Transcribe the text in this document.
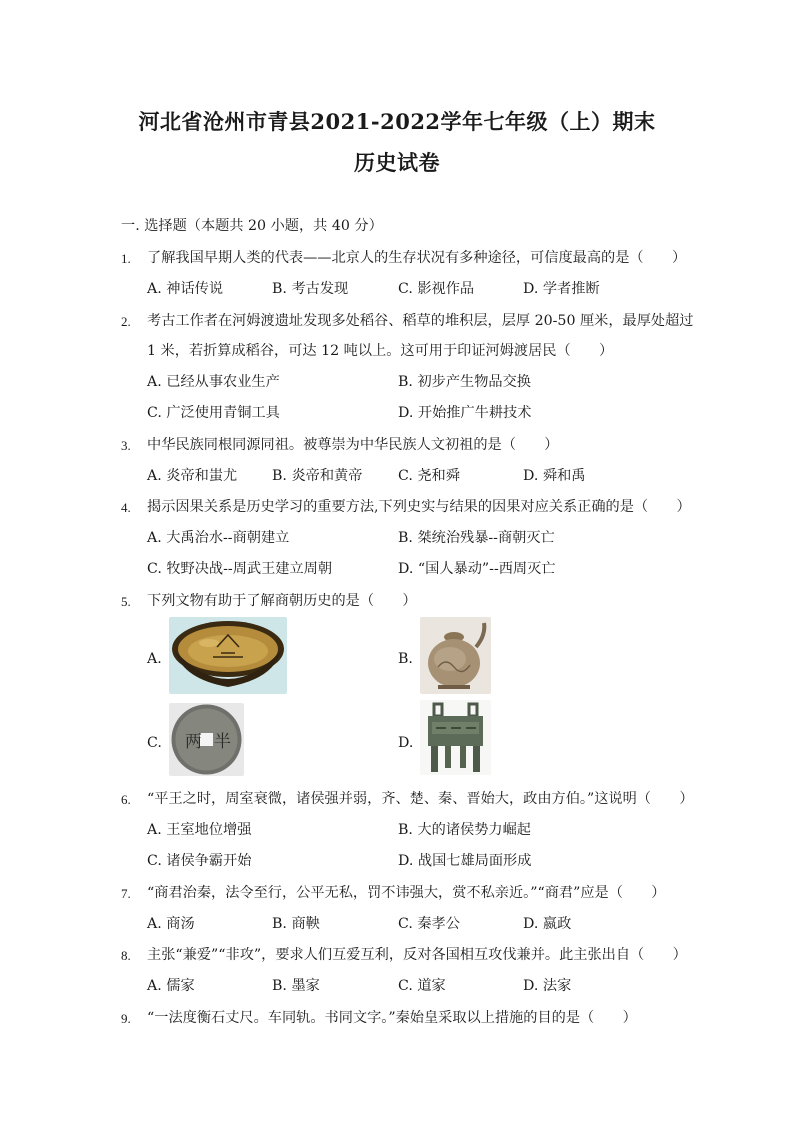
河北省沧州市青县2021-2022学年七年级（上）期末
历史试卷
一. 选择题（本题共 20 小题，共 40 分）
1. 了解我国早期人类的代表——北京人的生存状况有多种途径，可信度最高的是（　　）
A. 神话传说	B. 考古发现	C. 影视作品	D. 学者推断
2. 考古工作者在河姆渡遗址发现多处稻谷、稻草的堆积层，层厚 20-50 厘米，最厚处超过
1 米，若折算成稻谷，可达 12 吨以上。这可用于印证河姆渡居民（　　）
A. 已经从事农业生产	B. 初步产生物品交换
C. 广泛使用青铜工具	D. 开始推广牛耕技术
3. 中华民族同根同源同祖。被尊崇为中华民族人文初祖的是（　　）
A. 炎帝和蚩尤 B. 炎帝和黄帝	C. 尧和舜	D. 舜和禹
4. 揭示因果关系是历史学习的重要方法,下列史实与结果的因果对应关系正确的是（　　）
A. 大禹治水--商朝建立	B. 桀统治残暴--商朝灭亡
C. 牧野决战--周武王建立周朝	D. “国人暴动”--西周灭亡
5. 下列文物有助于了解商朝历史的是（　　）
A.	B.
C. 两 半	D.
6. “平王之时，周室衰微，诸侯强并弱，齐、楚、秦、晋始大，政由方伯。”这说明（　　）
A. 王室地位增强	B. 大的诸侯势力崛起
C. 诸侯争霸开始	D. 战国七雄局面形成
7. “商君治秦，法令至行，公平无私，罚不讳强大，赏不私亲近。”“商君”应是（　　）
A. 商汤	B. 商鞅	C. 秦孝公	D. 嬴政
8. 主张“兼爱”“非攻”，要求人们互爱互利，反对各国相互攻伐兼并。此主张出自（　　）
A. 儒家	B. 墨家	C. 道家	D. 法家
9. “一法度衡石丈尺。车同轨。书同文字。”秦始皇采取以上措施的目的是（　　）
